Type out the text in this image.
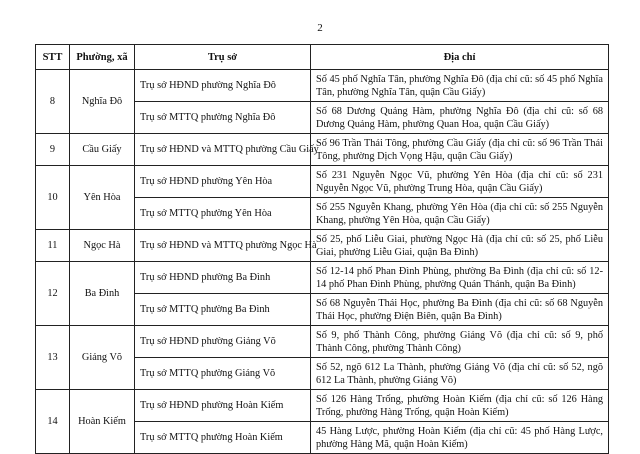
2
STT	Phường, xã	Trụ sở	Địa chỉ
8	Nghĩa Đô	Trụ sở HĐND phường Nghĩa Đô	Số 45 phố Nghĩa Tân, phường Nghĩa Đô (địa chỉ cũ: số 45 phố Nghĩa Tân, phường Nghĩa Tân, quận Cầu Giấy)
		Trụ sở MTTQ phường Nghĩa Đô	Số 68 Dương Quảng Hàm, phường Nghĩa Đô (địa chỉ cũ: số 68 Dương Quảng Hàm, phường Quan Hoa, quận Cầu Giấy)
9	Cầu Giấy	Trụ sở HĐND và MTTQ phường Cầu Giấy	Số 96 Trần Thái Tông, phường Cầu Giấy (địa chỉ cũ: số 96 Trần Thái Tông, phường Dịch Vọng Hậu, quận Cầu Giấy)
10	Yên Hòa	Trụ sở HĐND phường Yên Hòa	Số 231 Nguyễn Ngọc Vũ, phường Yên Hòa (địa chỉ cũ: số 231 Nguyễn Ngọc Vũ, phường Trung Hòa, quận Cầu Giấy)
		Trụ sở MTTQ phường Yên Hòa	Số 255 Nguyễn Khang, phường Yên Hòa (địa chỉ cũ: số 255 Nguyễn Khang, phường Yên Hòa, quận Cầu Giấy)
11	Ngọc Hà	Trụ sở HĐND và MTTQ phường Ngọc Hà	Số 25, phố Liễu Giai, phường Ngọc Hà (địa chỉ cũ: số 25, phố Liễu Giai, phường Liễu Giai, quận Ba Đình)
12	Ba Đình	Trụ sở HĐND phường Ba Đình	Số 12-14 phố Phan Đình Phùng, phường Ba Đình (địa chỉ cũ: số 12-14 phố Phan Đình Phùng, phường Quán Thánh, quận Ba Đình)
		Trụ sở MTTQ phường Ba Đình	Số 68 Nguyễn Thái Học, phường Ba Đình (địa chỉ cũ: số 68 Nguyễn Thái Học, phường Điện Biên, quận Ba Đình)
13	Giảng Võ	Trụ sở HĐND phường Giảng Võ	Số 9, phố Thành Công, phường Giảng Võ (địa chỉ cũ: số 9, phố Thành Công, phường Thành Công)
		Trụ sở MTTQ phường Giảng Võ	Số 52, ngõ 612 La Thành, phường Giảng Võ (địa chỉ cũ: số 52, ngõ 612 La Thành, phường Giảng Võ)
14	Hoàn Kiếm	Trụ sở HĐND phường Hoàn Kiếm	Số 126 Hàng Trống, phường Hoàn Kiếm (địa chỉ cũ: số 126 Hàng Trống, phường Hàng Trống, quận Hoàn Kiếm)
		Trụ sở MTTQ phường Hoàn Kiếm	45 Hàng Lược, phường Hoàn Kiếm (địa chỉ cũ: 45 phố Hàng Lược, phường Hàng Mã, quận Hoàn Kiếm)
